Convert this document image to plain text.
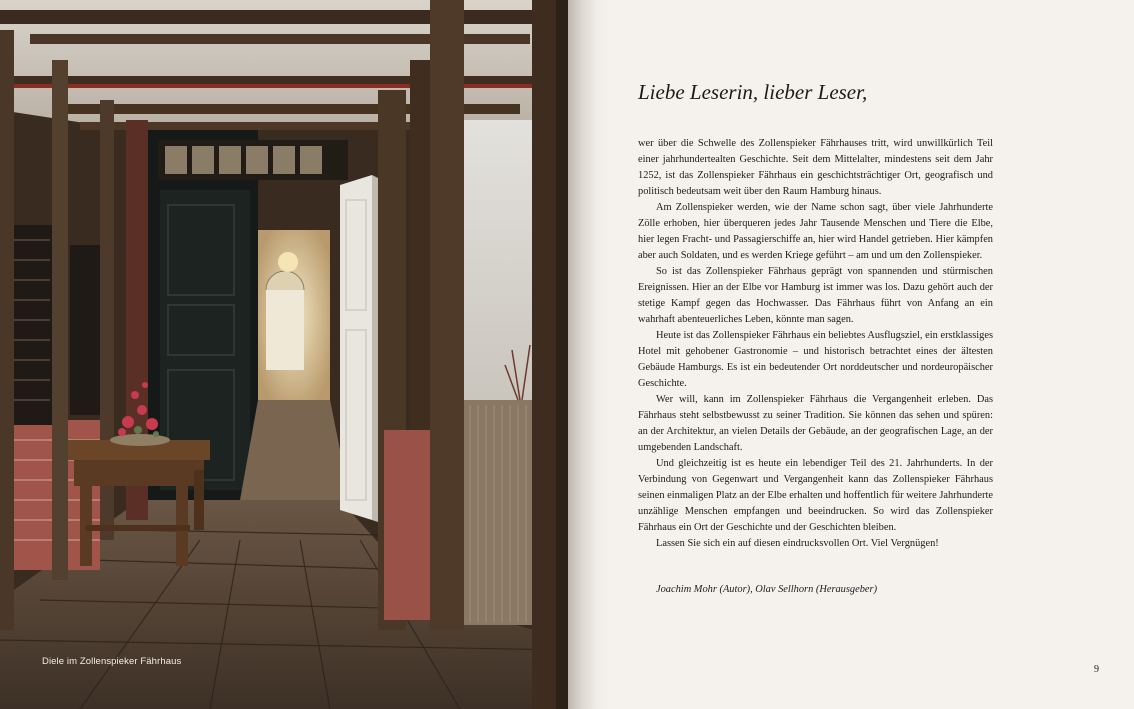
Diele im Zollenspieker Fährhaus
Liebe Leserin, lieber Leser,

wer über die Schwelle des Zollenspieker Fährhauses tritt, wird unwillkürlich Teil einer jahrhundertealten Geschichte. Seit dem Mittelalter, mindestens seit dem Jahr 1252, ist das Zollenspieker Fährhaus ein geschichtsträchtiger Ort, geografisch und politisch bedeutsam weit über den Raum Hamburg hinaus.

Am Zollenspieker werden, wie der Name schon sagt, über viele Jahrhunderte Zölle erhoben, hier überqueren jedes Jahr Tausende Menschen und Tiere die Elbe, hier legen Fracht- und Passagierschiffe an, hier wird Handel getrieben. Hier kämpfen aber auch Soldaten, und es werden Kriege geführt – am und um den Zollenspieker.

So ist das Zollenspieker Fährhaus geprägt von spannenden und stürmischen Ereignissen. Hier an der Elbe vor Hamburg ist immer was los. Dazu gehört auch der stetige Kampf gegen das Hochwasser. Das Fährhaus führt von Anfang an ein wahrhaft abenteuerliches Leben, könnte man sagen.

Heute ist das Zollenspieker Fährhaus ein beliebtes Ausflugsziel, ein erstklassiges Hotel mit gehobener Gastronomie – und historisch betrachtet eines der ältesten Gebäude Hamburgs. Es ist ein bedeutender Ort norddeutscher und nordeuropäischer Geschichte.

Wer will, kann im Zollenspieker Fährhaus die Vergangenheit erleben. Das Fährhaus steht selbstbewusst zu seiner Tradition. Sie können das sehen und spüren: an der Architektur, an vielen Details der Gebäude, an der geografischen Lage, an der umgebenden Landschaft.

Und gleichzeitig ist es heute ein lebendiger Teil des 21. Jahrhunderts. In der Verbindung von Gegenwart und Vergangenheit kann das Zollenspieker Fährhaus seinen einmaligen Platz an der Elbe erhalten und hoffentlich für weitere Jahrhunderte unzählige Menschen empfangen und beeindrucken. So wird das Zollenspieker Fährhaus ein Ort der Geschichte und der Geschichten bleiben.

Lassen Sie sich ein auf diesen eindrucksvollen Ort. Viel Vergnügen!

Joachim Mohr (Autor), Olav Sellhorn (Herausgeber)
9
